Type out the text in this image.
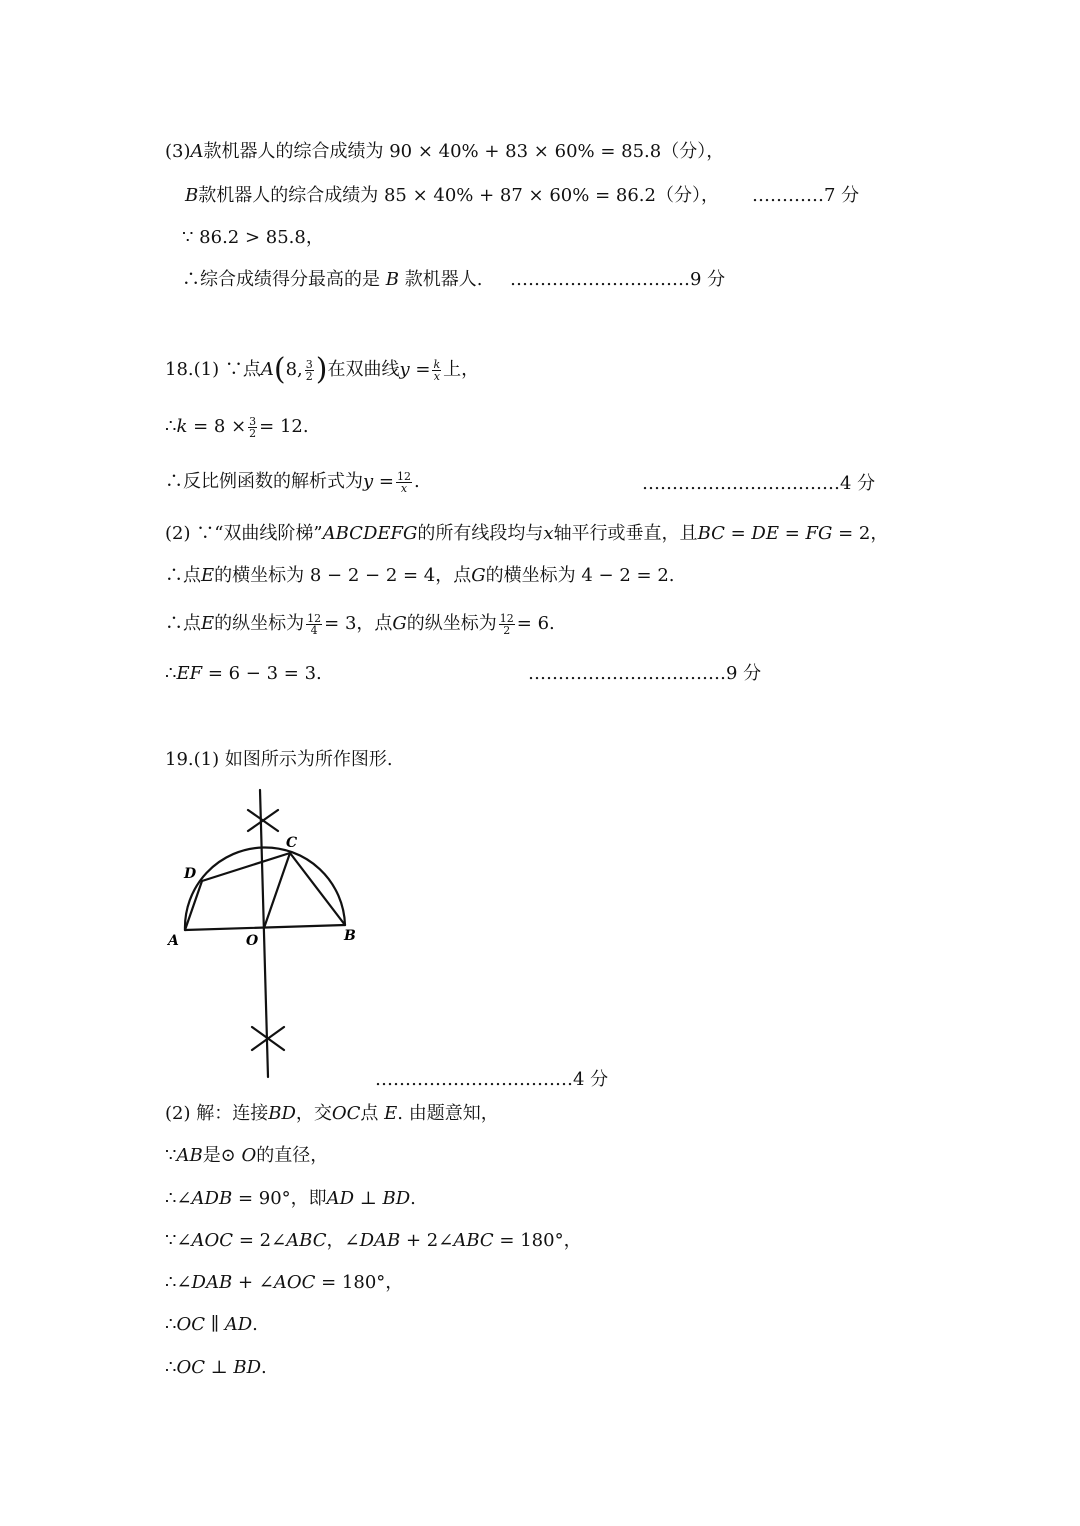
(3)A款机器人的综合成绩为 90 × 40% + 83 × 60% = 85.8（分），
B款机器人的综合成绩为 85 × 40% + 87 × 60% = 86.2（分）， …………7 分
∵ 86.2 > 85.8，
∴综合成绩得分最高的是 B 款机器人. …………………………9 分
18.(1) ∵点A(8, $\frac{3}{2}$ )在双曲线$y = \frac{k}{x}$ 上，
∴k = $8 \times \frac{3}{2} = 12$.
∴反比例函数的解析式为$y = \frac{12}{x}$ .	……………………………4 分
(2) ∵“双曲线阶梯”ABCDEFG的所有线段均与x轴平行或垂直，且BC = DE = FG = 2，
∴点E的横坐标为 8 − 2 − 2 = 4，点G的横坐标为 4 − 2 = 2.
∴点E的纵坐标为 $\frac{12}{4} = 3$，点G的纵坐标为 $\frac{12}{2} = 6$.
∴EF = 6 − 3 = 3.	……………………………9 分
19.(1) 如图所示为所作图形.
D
C
A	O	B
……………………………4 分
(2) 解：连接BD，交OC点 E. 由题意知，
∵AB是⊙ O的直径，
∴∠ADB = 90°，即AD ⊥ BD.
∵∠AOC = 2∠ABC，∠DAB + 2∠ABC = 180°，
∴∠DAB + ∠AOC = 180°，
∴OC ∥ AD.
∴OC ⊥ BD.
